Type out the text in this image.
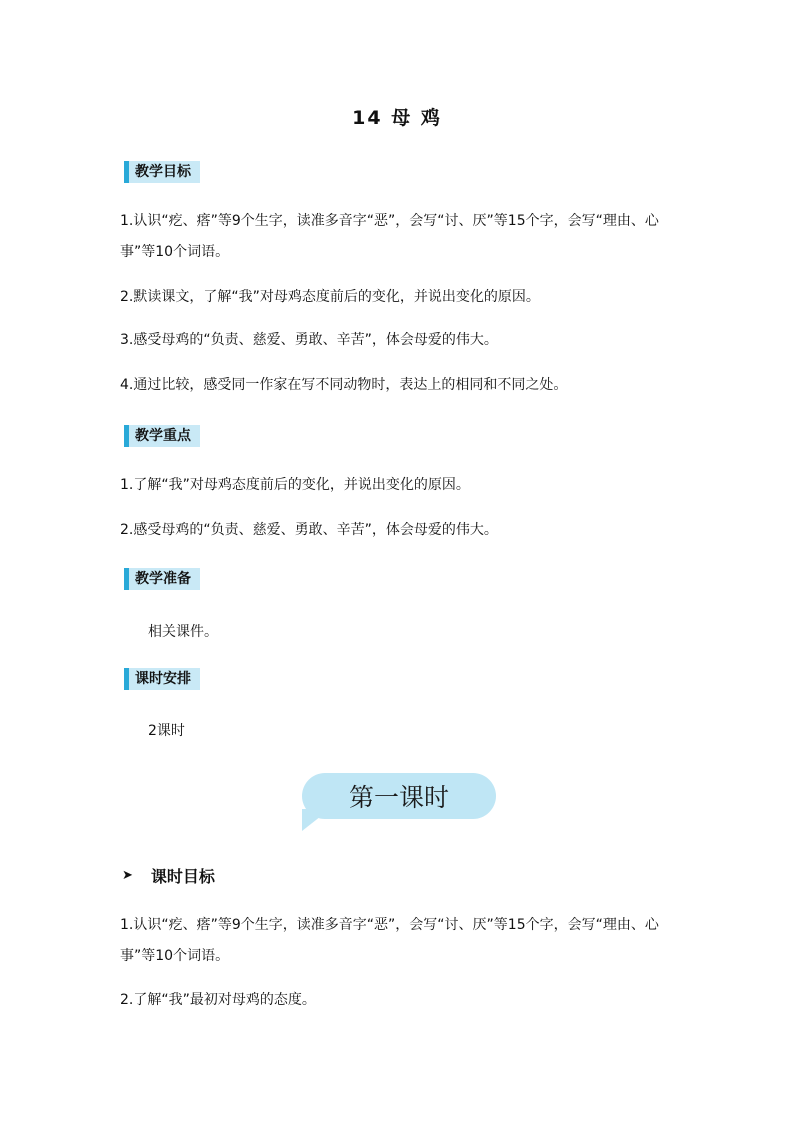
14 母 鸡
教学目标
1.认识“疙、瘩”等9个生字，读准多音字“恶”，会写“讨、厌”等15个字，会写“理由、心事”等10个词语。
2.默读课文，了解“我”对母鸡态度前后的变化，并说出变化的原因。
3.感受母鸡的“负责、慈爱、勇敢、辛苦”，体会母爱的伟大。
4.通过比较，感受同一作家在写不同动物时，表达上的相同和不同之处。
教学重点
1.了解“我”对母鸡态度前后的变化，并说出变化的原因。
2.感受母鸡的“负责、慈爱、勇敢、辛苦”，体会母爱的伟大。
教学准备
相关课件。
课时安排
2课时
第一课时
➤ 课时目标
1.认识“疙、瘩”等9个生字，读准多音字“恶”，会写“讨、厌”等15个字，会写“理由、心事”等10个词语。
2.了解“我”最初对母鸡的态度。
